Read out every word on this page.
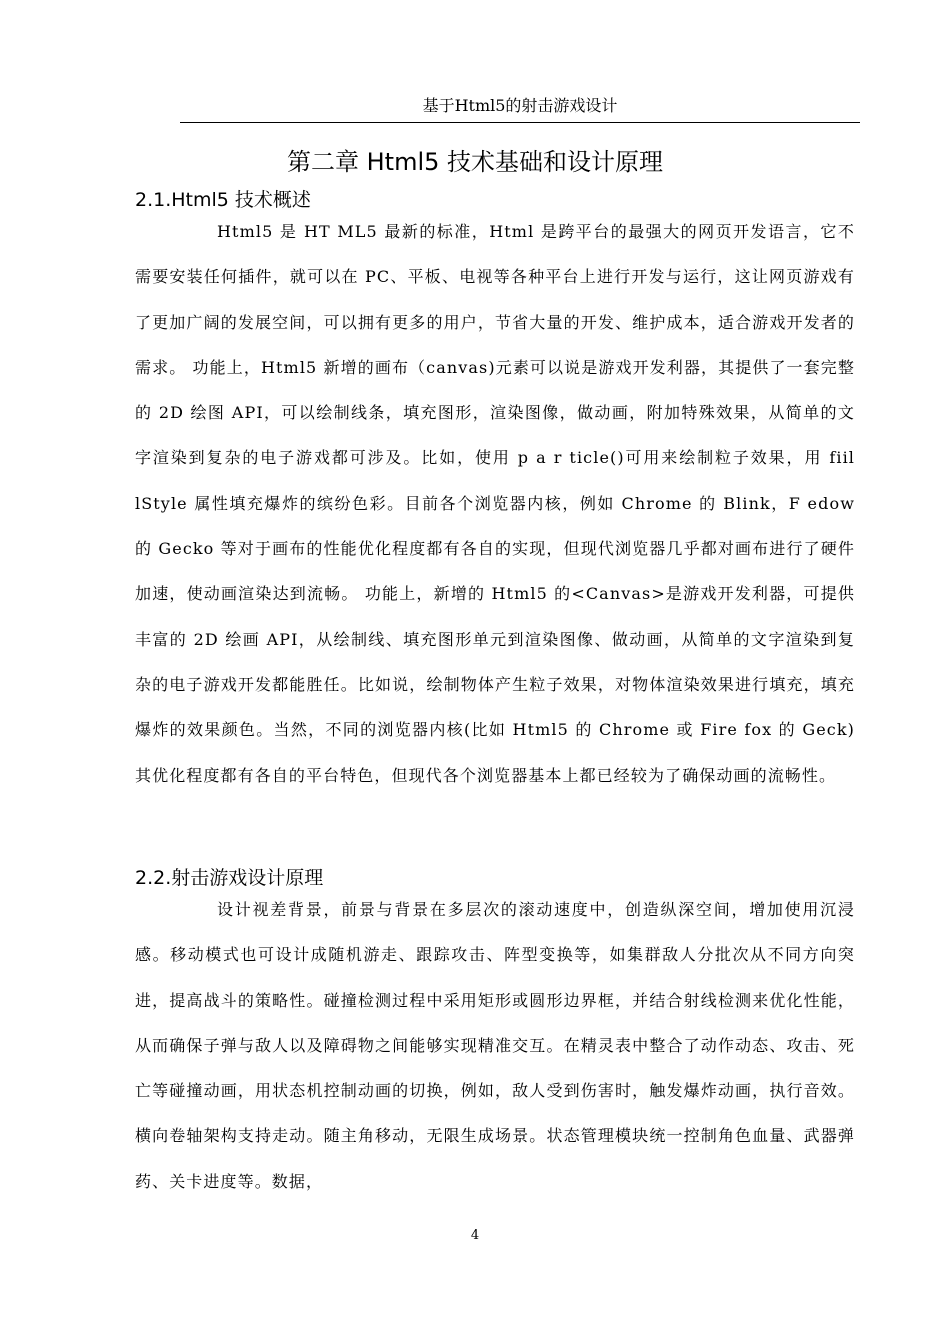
基于Html5的射击游戏设计
第二章 Html5 技术基础和设计原理
2.1.Html5 技术概述

Html5 是 HT ML5 最新的标准，Html 是跨平台的最强大的网页开发语言，它不需要安装任何插件，就可以在 PC、平板、电视等各种平台上进行开发与运行，这让网页游戏有了更加广阔的发展空间，可以拥有更多的用户，节省大量的开发、维护成本，适合游戏开发者的需求。 功能上，Html5 新增的画布（canvas)元素可以说是游戏开发利器，其提供了一套完整的 2D 绘图 API，可以绘制线条，填充图形，渲染图像，做动画，附加特殊效果，从简单的文字渲染到复杂的电子游戏都可涉及。比如，使用 p a r ticle()可用来绘制粒子效果，用 fiil lStyle 属性填充爆炸的缤纷色彩。目前各个浏览器内核，例如 Chrome 的 Blink，F edow 的 Gecko 等对于画布的性能优化程度都有各自的实现，但现代浏览器几乎都对画布进行了硬件加速，使动画渲染达到流畅。 功能上，新增的 Html5 的<Canvas>是游戏开发利器，可提供丰富的 2D 绘画 API，从绘制线、填充图形单元到渲染图像、做动画，从简单的文字渲染到复杂的电子游戏开发都能胜任。比如说，绘制物体产生粒子效果，对物体渲染效果进行填充，填充爆炸的效果颜色。当然，不同的浏览器内核(比如 Html5 的 Chrome 或 Fire fox 的 Geck)其优化程度都有各自的平台特色，但现代各个浏览器基本上都已经较为了确保动画的流畅性。

2.2.射击游戏设计原理

设计视差背景，前景与背景在多层次的滚动速度中，创造纵深空间，增加使用沉浸感。移动模式也可设计成随机游走、跟踪攻击、阵型变换等，如集群敌人分批次从不同方向突进，提高战斗的策略性。碰撞检测过程中采用矩形或圆形边界框，并结合射线检测来优化性能，从而确保子弹与敌人以及障碍物之间能够实现精准交互。在精灵表中整合了动作动态、攻击、死亡等碰撞动画，用状态机控制动画的切换，例如，敌人受到伤害时，触发爆炸动画，执行音效。横向卷轴架构支持走动。随主角移动，无限生成场景。状态管理模块统一控制角色血量、武器弹药、关卡进度等。数据，

4
